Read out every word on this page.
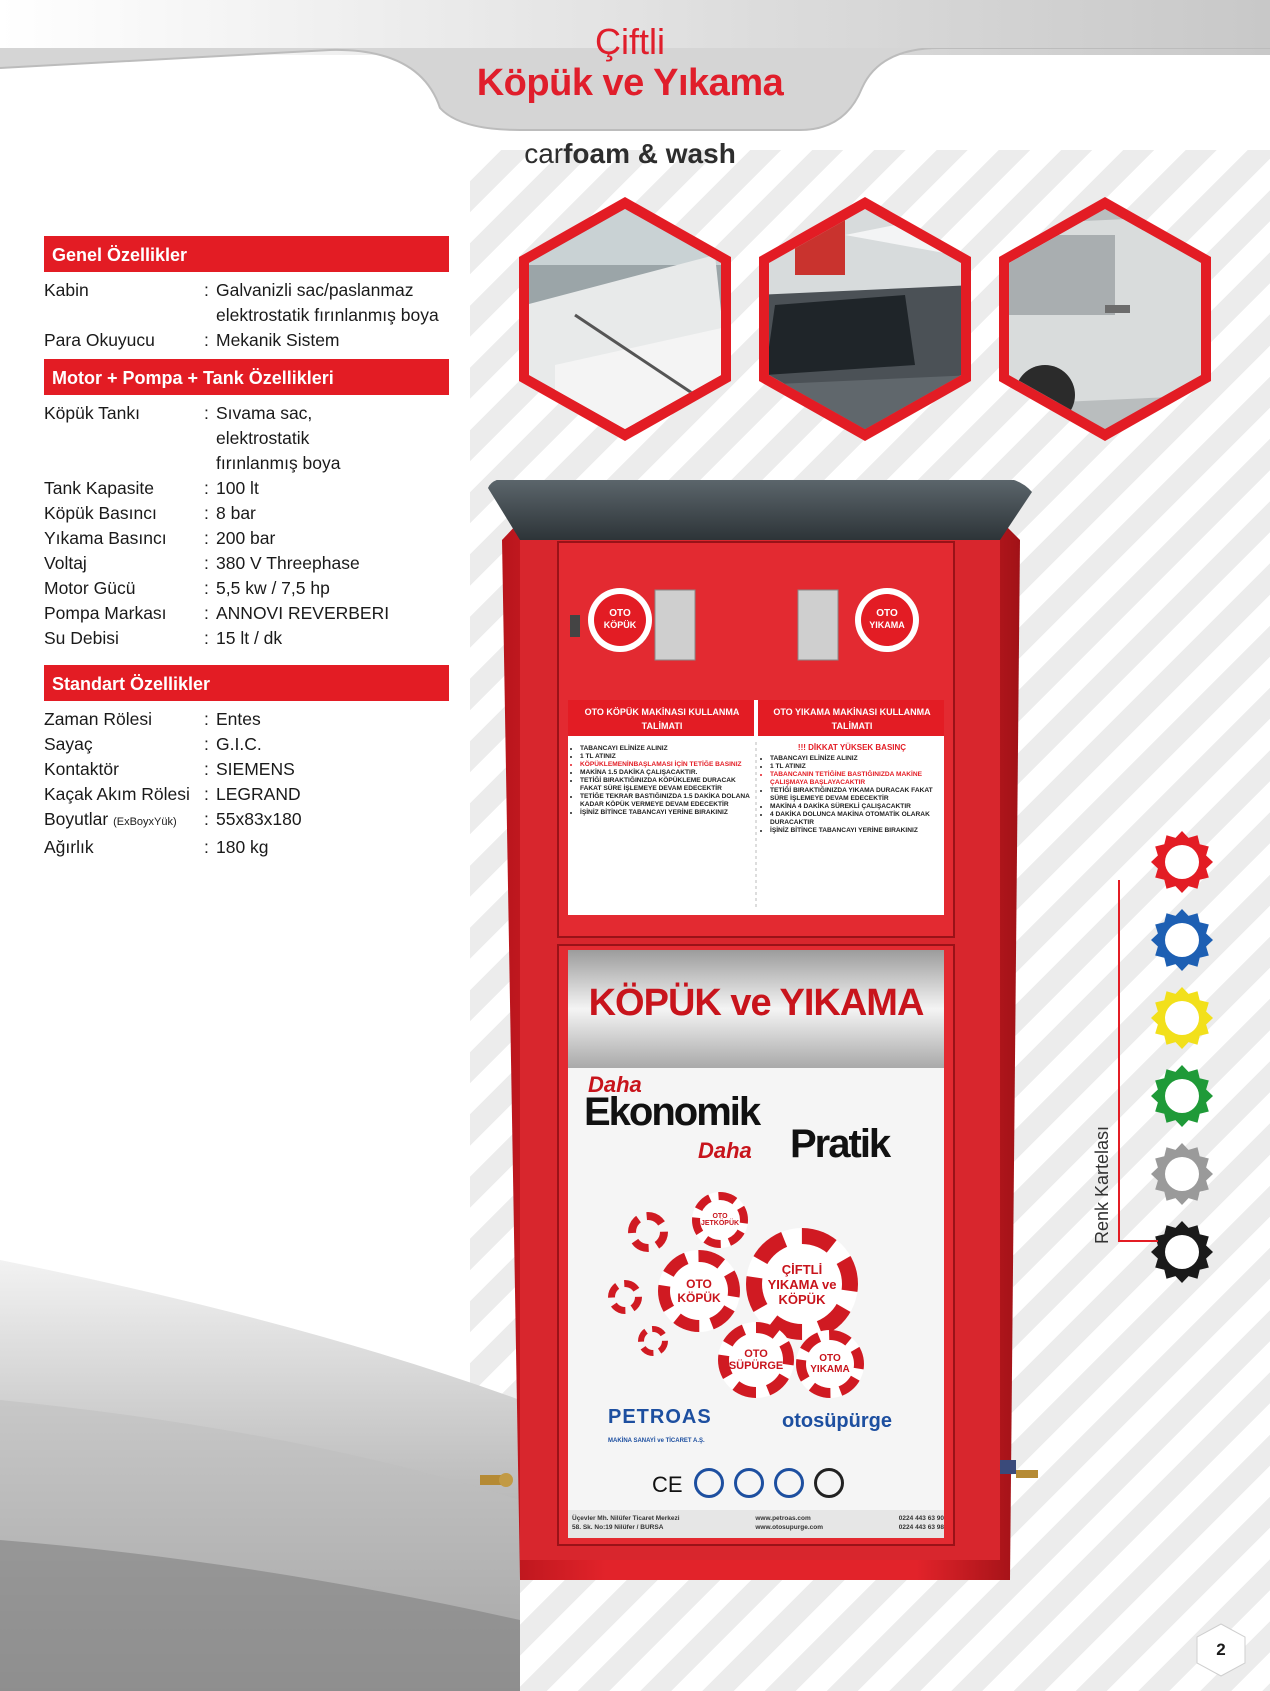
Çiftli
Köpük ve Yıkama
carfoam & wash
Genel Özellikler
Kabin	: Galvanizli sac/paslanmaz
elektrostatik fırınlanmış boya
Para Okuyucu	: Mekanik Sistem
Motor + Pompa + Tank Özellikleri
Köpük Tankı	: Sıvama sac,
elektrostatik
fırınlanmış boya
Tank Kapasite	: 100 lt
Köpük Basıncı	: 8 bar
Yıkama Basıncı	: 200 bar
Voltaj	: 380 V Threephase
Motor Gücü	: 5,5 kw / 7,5 hp
Pompa Markası	: ANNOVI REVERBERI
Su Debisi	: 15 lt / dk
Standart Özellikler
Zaman Rölesi	: Entes
Sayaç	: G.I.C.
Kontaktör	: SIEMENS
Kaçak Akım Rölesi : LEGRAND
Boyutlar (ExBoyxYük)	: 55x83x180
Ağırlık	: 180 kg
OTO
KÖPÜK
OTO
YIKAMA
OTO KÖPÜK MAKİNASI KULLANMA TALİMATI
• TABANCAYI ELİNİZE ALINIZ
• 1 TL ATINIZ
• KÖPÜKLEMENİNBAŞLAMASI İÇİN TETİĞE BASINIZ
• MAKİNA 1.5 DAKİKA ÇALIŞACAKTIR.
• TETİĞİ BIRAKTIĞINIZDA KÖPÜKLEME DURACAK FAKAT SÜRE İŞLEMEYE DEVAM EDECEKTİR
• TETİĞE TEKRAR BASTIĞINIZDA 1.5 DAKİKA DOLANA KADAR KÖPÜK VERMEYE DEVAM EDECEKTİR
• İŞİNİZ BİTİNCE TABANCAYI YERİNE BIRAKINIZ
OTO YIKAMA MAKİNASI KULLANMA TALİMATI
!!! DİKKAT YÜKSEK BASINÇ
• TABANCAYI ELİNİZE ALINIZ
• 1 TL ATINIZ
• TABANCANIN TETİĞİNE BASTIĞINIZDA MAKİNE ÇALIŞMAYA BAŞLAYACAKTIR
• TETİĞİ BIRAKTIĞINIZDA YIKAMA DURACAK FAKAT SÜRE İŞLEMEYE DEVAM EDECEKTİR
• MAKİNA 4 DAKİKA SÜREKLİ ÇALIŞACAKTIR
• 4 DAKİKA DOLUNCA MAKİNA OTOMATİK OLARAK DURACAKTIR
• İŞİNİZ BİTİNCE TABANCAYI YERİNE BIRAKINIZ
KÖPÜK ve YIKAMA
Daha
Ekonomik
Daha Pratik
OTO JETKÖPÜK
ÇİFTLİ YIKAMA ve KÖPÜK
OTO KÖPÜK
OTO SÜPÜRGE
OTO YIKAMA
PETROAS
MAKİNA SANAYİ ve TİCARET A.Ş.
otosüpürge
CE
Üçevler Mh. Nilüfer Ticaret Merkezi
58. Sk. No:19 Nilüfer / BURSA
www.petroas.com
www.otosupurge.com
0224 443 63 90
0224 443 63 98
Renk Kartelası
2
